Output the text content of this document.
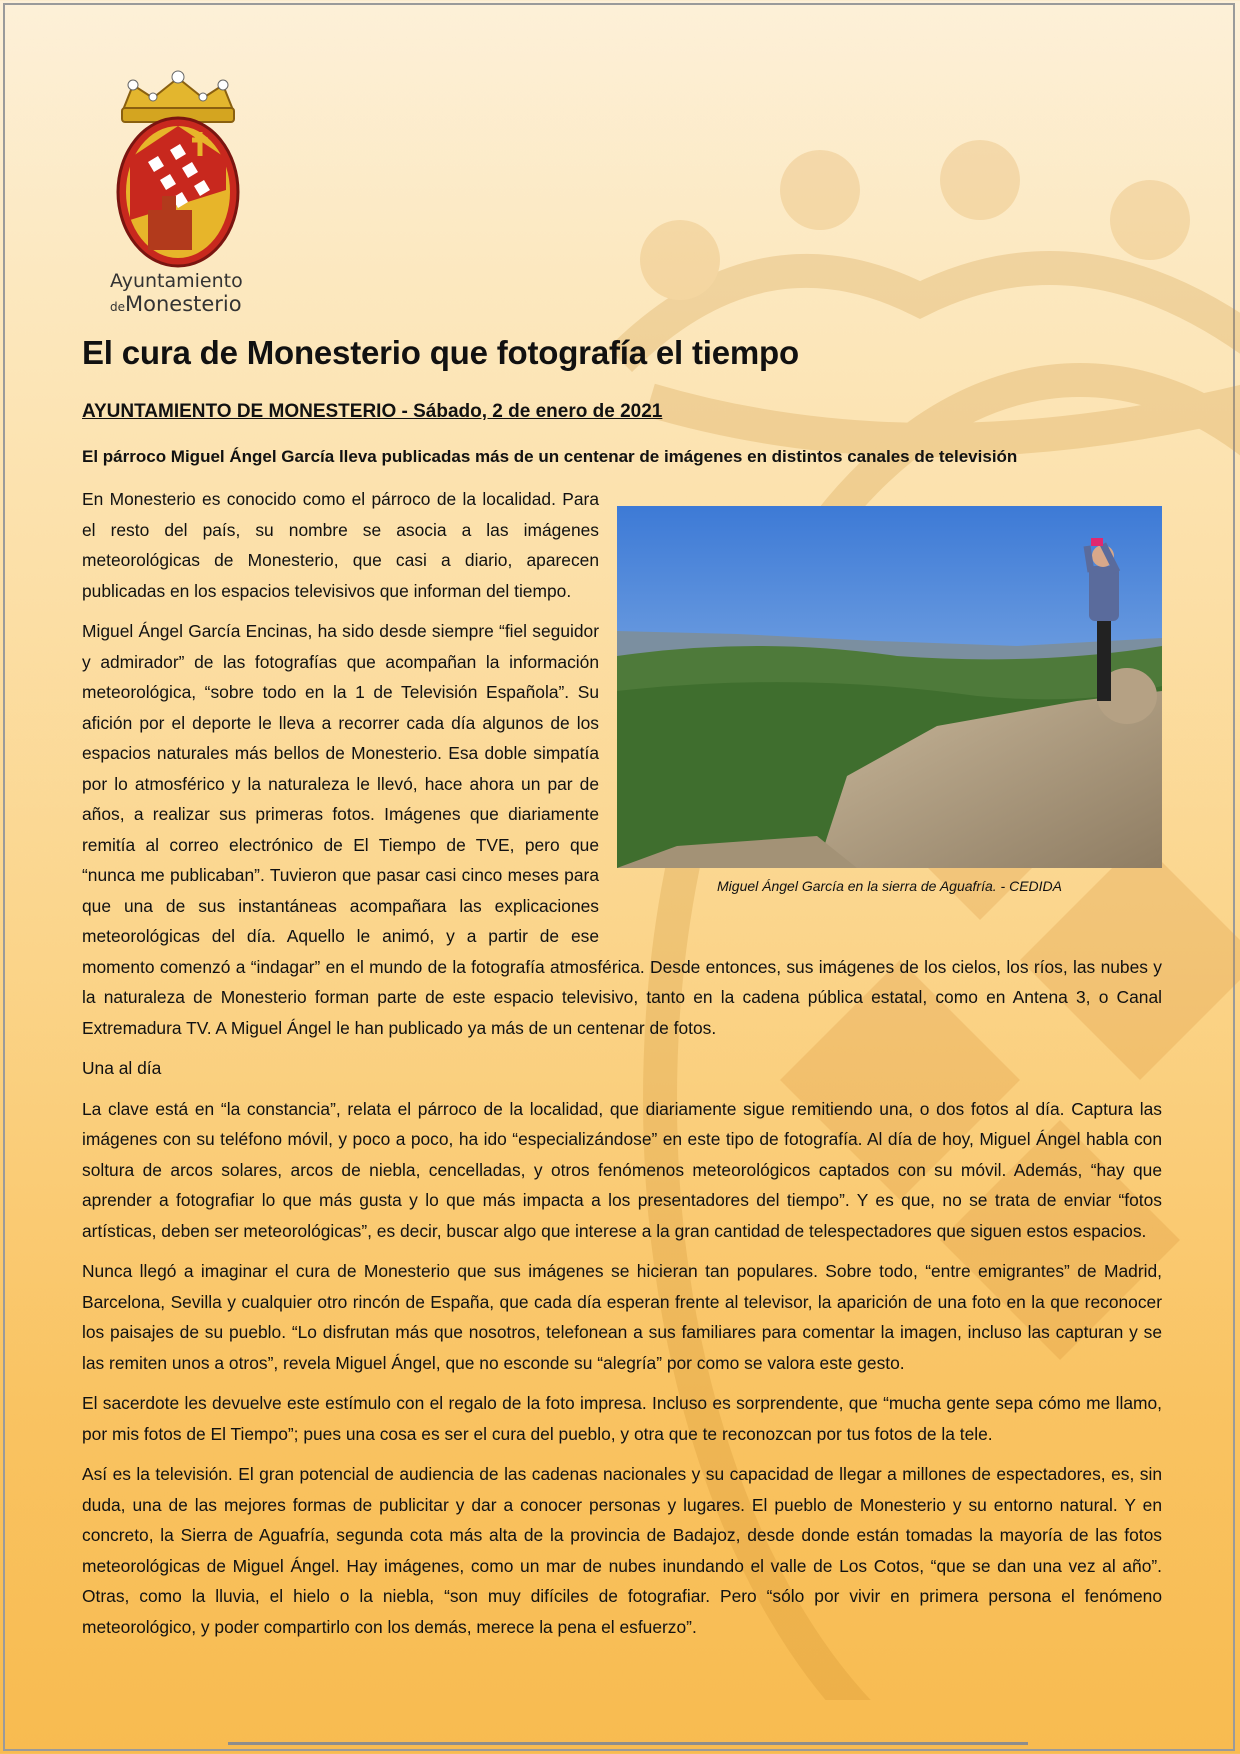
Ayuntamiento
deMonesterio
El cura de Monesterio que fotografía el tiempo
AYUNTAMIENTO DE MONESTERIO - Sábado, 2 de enero de 2021
El párroco Miguel Ángel García lleva publicadas más de un centenar de imágenes en distintos canales de televisión
Miguel Ángel García en la sierra de Aguafría. - CEDIDA

En Monesterio es conocido como el párroco de la localidad. Para el resto del país, su nombre se asocia a las imágenes meteorológicas de Monesterio, que casi a diario, aparecen publicadas en los espacios televisivos que informan del tiempo.

Miguel Ángel García Encinas, ha sido desde siempre “fiel seguidor y admirador” de las fotografías que acompañan la información meteorológica, “sobre todo en la 1 de Televisión Española”. Su afición por el deporte le lleva a recorrer cada día algunos de los espacios naturales más bellos de Monesterio. Esa doble simpatía por lo atmosférico y la naturaleza le llevó, hace ahora un par de años, a realizar sus primeras fotos. Imágenes que diariamente remitía al correo electrónico de El Tiempo de TVE, pero que “nunca me publicaban”. Tuvieron que pasar casi cinco meses para que una de sus instantáneas acompañara las explicaciones meteorológicas del día. Aquello le animó, y a partir de ese momento comenzó a “indagar” en el mundo de la fotografía atmosférica. Desde entonces, sus imágenes de los cielos, los ríos, las nubes y la naturaleza de Monesterio forman parte de este espacio televisivo, tanto en la cadena pública estatal, como en Antena 3, o Canal Extremadura TV. A Miguel Ángel le han publicado ya más de un centenar de fotos.

Una al día

La clave está en “la constancia”, relata el párroco de la localidad, que diariamente sigue remitiendo una, o dos fotos al día. Captura las imágenes con su teléfono móvil, y poco a poco, ha ido “especializándose” en este tipo de fotografía. Al día de hoy, Miguel Ángel habla con soltura de arcos solares, arcos de niebla, cencelladas, y otros fenómenos meteorológicos captados con su móvil. Además, “hay que aprender a fotografiar lo que más gusta y lo que más impacta a los presentadores del tiempo”. Y es que, no se trata de enviar “fotos artísticas, deben ser meteorológicas”, es decir, buscar algo que interese a la gran cantidad de telespectadores que siguen estos espacios.

Nunca llegó a imaginar el cura de Monesterio que sus imágenes se hicieran tan populares. Sobre todo, “entre emigrantes” de Madrid, Barcelona, Sevilla y cualquier otro rincón de España, que cada día esperan frente al televisor, la aparición de una foto en la que reconocer los paisajes de su pueblo. “Lo disfrutan más que nosotros, telefonean a sus familiares para comentar la imagen, incluso las capturan y se las remiten unos a otros”, revela Miguel Ángel, que no esconde su “alegría” por como se valora este gesto.

El sacerdote les devuelve este estímulo con el regalo de la foto impresa. Incluso es sorprendente, que “mucha gente sepa cómo me llamo, por mis fotos de El Tiempo”; pues una cosa es ser el cura del pueblo, y otra que te reconozcan por tus fotos de la tele.

Así es la televisión. El gran potencial de audiencia de las cadenas nacionales y su capacidad de llegar a millones de espectadores, es, sin duda, una de las mejores formas de publicitar y dar a conocer personas y lugares. El pueblo de Monesterio y su entorno natural. Y en concreto, la Sierra de Aguafría, segunda cota más alta de la provincia de Badajoz, desde donde están tomadas la mayoría de las fotos meteorológicas de Miguel Ángel. Hay imágenes, como un mar de nubes inundando el valle de Los Cotos, “que se dan una vez al año”. Otras, como la lluvia, el hielo o la niebla, “son muy difíciles de fotografiar. Pero “sólo por vivir en primera persona el fenómeno meteorológico, y poder compartirlo con los demás, merece la pena el esfuerzo”.
